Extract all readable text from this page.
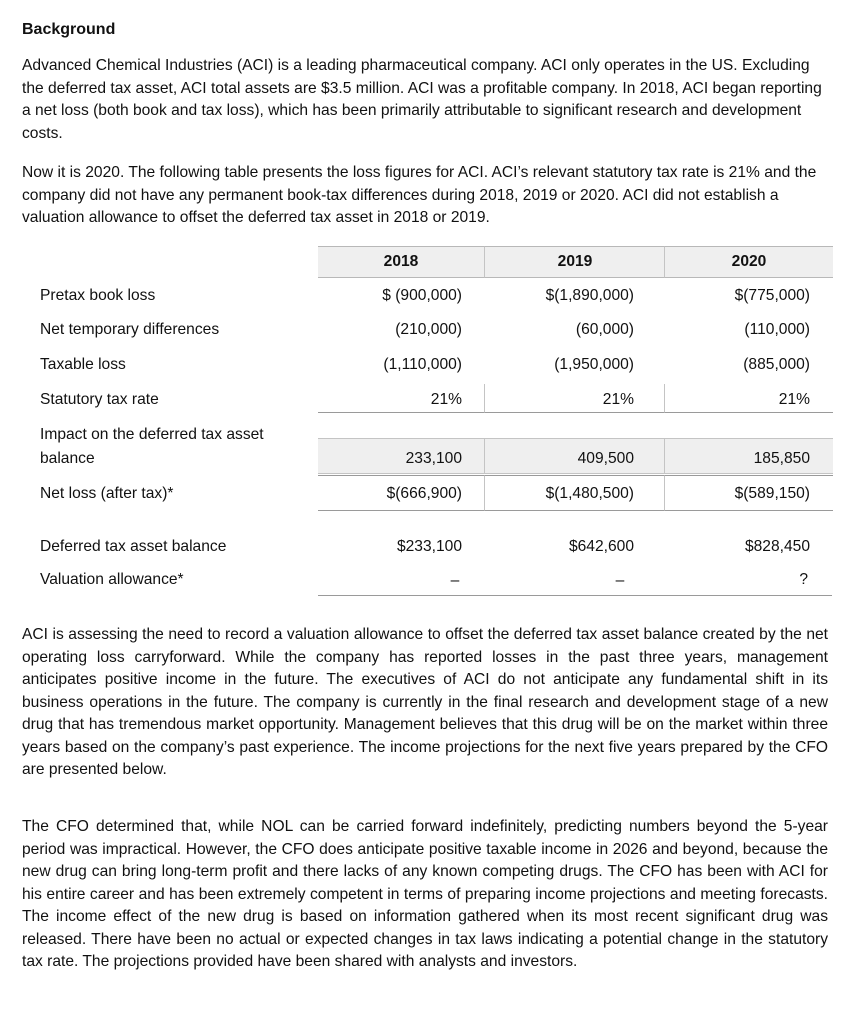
Background

Advanced Chemical Industries (ACI) is a leading pharmaceutical company. ACI only operates in the US. Excluding the deferred tax asset, ACI total assets are $3.5 million. ACI was a profitable company. In 2018, ACI began reporting a net loss (both book and tax loss), which has been primarily attributable to significant research and development costs.

Now it is 2020. The following table presents the loss figures for ACI. ACI’s relevant statutory tax rate is 21% and the company did not have any permanent book-tax differences during 2018, 2019 or 2020. ACI did not establish a valuation allowance to offset the deferred tax asset in 2018 or 2019.

2018	2019	2020
Pretax book loss	$ (900,000)	$(1,890,000)	$(775,000)
Net temporary differences	(210,000)	(60,000)	(110,000)
Taxable loss	(1,110,000)	(1,950,000)	(885,000)
Statutory tax rate	21%	21%	21%
Impact on the deferred tax asset
balance	233,100	409,500	185,850
Net loss (after tax)*	$(666,900)	$(1,480,500)	$(589,150)
Deferred tax asset balance	$233,100	$642,600	$828,450
Valuation allowance*	–	–	?

ACI is assessing the need to record a valuation allowance to offset the deferred tax asset balance created by the net operating loss carryforward. While the company has reported losses in the past three years, management anticipates positive income in the future. The executives of ACI do not anticipate any fundamental shift in its business operations in the future. The company is currently in the final research and development stage of a new drug that has tremendous market opportunity. Management believes that this drug will be on the market within three years based on the company’s past experience. The income projections for the next five years prepared by the CFO are presented below.

The CFO determined that, while NOL can be carried forward indefinitely, predicting numbers beyond the 5-year period was impractical. However, the CFO does anticipate positive taxable income in 2026 and beyond, because the new drug can bring long-term profit and there lacks of any known competing drugs. The CFO has been with ACI for his entire career and has been extremely competent in terms of preparing income projections and meeting forecasts. The income effect of the new drug is based on information gathered when its most recent significant drug was released. There have been no actual or expected changes in tax laws indicating a potential change in the statutory tax rate. The projections provided have been shared with analysts and investors.
